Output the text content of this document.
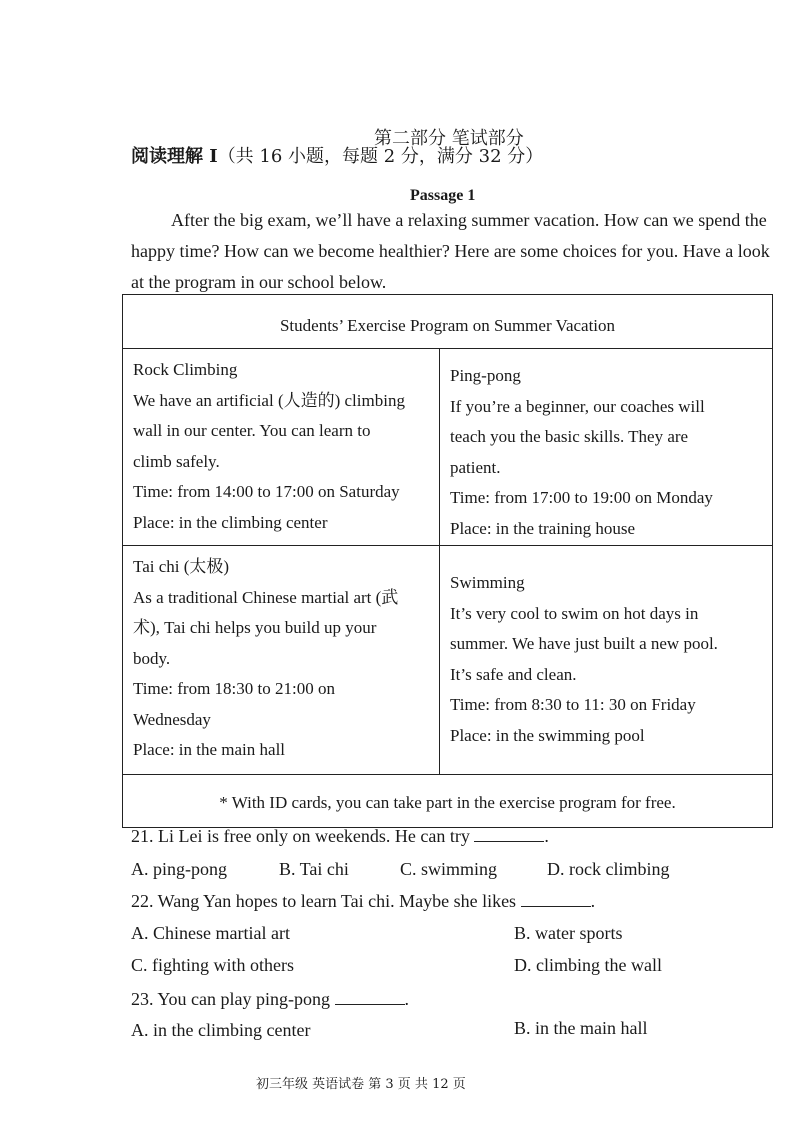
第二部分 笔试部分
阅读理解 I（共 16 小题，每题 2 分，满分 32 分）
Passage 1
After the big exam, we’ll have a relaxing summer vacation. How can we spend the happy time? How can we become healthier? Here are some choices for you. Have a look at the program in our school below.
Students’ Exercise Program on Summer Vacation
Rock Climbing
We have an artificial (人造的) climbing
wall in our center. You can learn to
climb safely.
Time: from 14:00 to 17:00 on Saturday
Place: in the climbing center
Ping-pong
If you’re a beginner, our coaches will
teach you the basic skills. They are
patient.
Time: from 17:00 to 19:00 on Monday
Place: in the training house
Tai chi (太极)
As a traditional Chinese martial art (武
术), Tai chi helps you build up your
body.
Time: from 18:30 to 21:00 on
Wednesday
Place: in the main hall
Swimming
It’s very cool to swim on hot days in
summer. We have just built a new pool.
It’s safe and clean.
Time: from 8:30 to 11: 30 on Friday
Place: in the swimming pool
* With ID cards, you can take part in the exercise program for free.
21. Li Lei is free only on weekends. He can try	.
A. ping-pong	B. Tai chi	C. swimming	D. rock climbing
22. Wang Yan hopes to learn Tai chi. Maybe she likes	.
A. Chinese martial art	B. water sports
C. fighting with others	D. climbing the wall
23. You can play ping-pong	.
A. in the climbing center	B. in the main hall
初三年级 英语试卷 第 3 页 共 12 页
